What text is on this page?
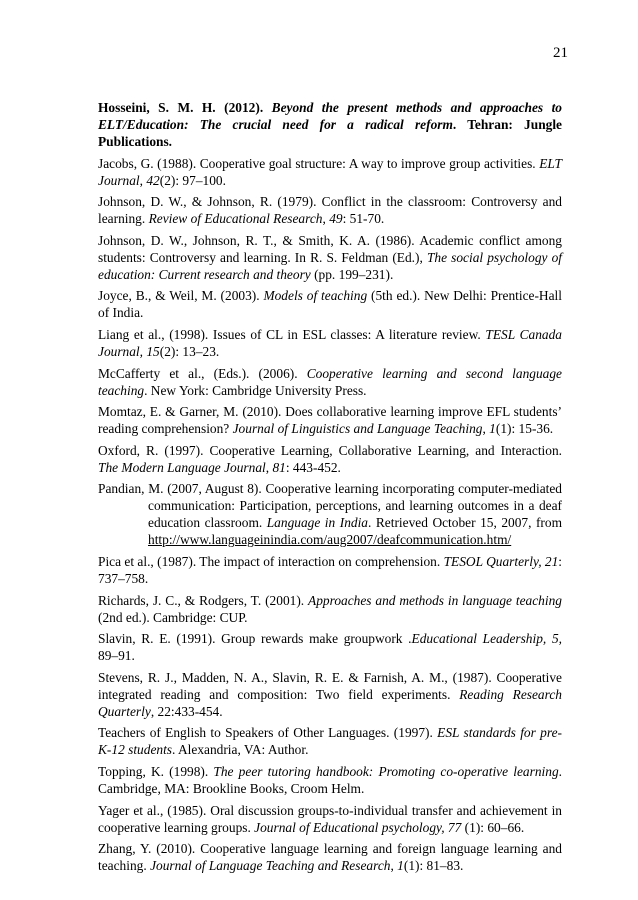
21

Hosseini, S. M. H. (2012). Beyond the present methods and approaches to ELT/Education: The crucial need for a radical reform. Tehran: Jungle Publications.

Jacobs, G. (1988). Cooperative goal structure: A way to improve group activities. ELT Journal, 42(2): 97–100.

Johnson, D. W., & Johnson, R. (1979). Conflict in the classroom: Controversy and learning. Review of Educational Research, 49: 51-70.

Johnson, D. W., Johnson, R. T., & Smith, K. A. (1986). Academic conflict among students: Controversy and learning. In R. S. Feldman (Ed.), The social psychology of education: Current research and theory (pp. 199–231).

Joyce, B., & Weil, M. (2003). Models of teaching (5th ed.). New Delhi: Prentice-Hall of India.

Liang et al., (1998). Issues of CL in ESL classes: A literature review. TESL Canada Journal, 15(2): 13–23.

McCafferty et al., (Eds.). (2006). Cooperative learning and second language teaching. New York: Cambridge University Press.

Momtaz, E. & Garner, M. (2010). Does collaborative learning improve EFL students’ reading comprehension? Journal of Linguistics and Language Teaching, 1(1): 15-36.

Oxford, R. (1997). Cooperative Learning, Collaborative Learning, and Interaction. The Modern Language Journal, 81: 443-452.

Pandian, M. (2007, August 8). Cooperative learning incorporating computer-mediated communication: Participation, perceptions, and learning outcomes in a deaf education classroom. Language in India. Retrieved October 15, 2007, from http://www.languageinindia.com/aug2007/deafcommunication.htm/

Pica et al., (1987). The impact of interaction on comprehension. TESOL Quarterly, 21: 737–758.

Richards, J. C., & Rodgers, T. (2001). Approaches and methods in language teaching (2nd ed.). Cambridge: CUP.

Slavin, R. E. (1991). Group rewards make groupwork .Educational Leadership, 5, 89–91.

Stevens, R. J., Madden, N. A., Slavin, R. E. & Farnish, A. M., (1987). Cooperative integrated reading and composition: Two field experiments. Reading Research Quarterly, 22:433-454.

Teachers of English to Speakers of Other Languages. (1997). ESL standards for pre-K-12 students. Alexandria, VA: Author.

Topping, K. (1998). The peer tutoring handbook: Promoting co-operative learning. Cambridge, MA: Brookline Books, Croom Helm.

Yager et al., (1985). Oral discussion groups-to-individual transfer and achievement in cooperative learning groups. Journal of Educational psychology, 77 (1): 60–66.

Zhang, Y. (2010). Cooperative language learning and foreign language learning and teaching. Journal of Language Teaching and Research, 1(1): 81–83.
